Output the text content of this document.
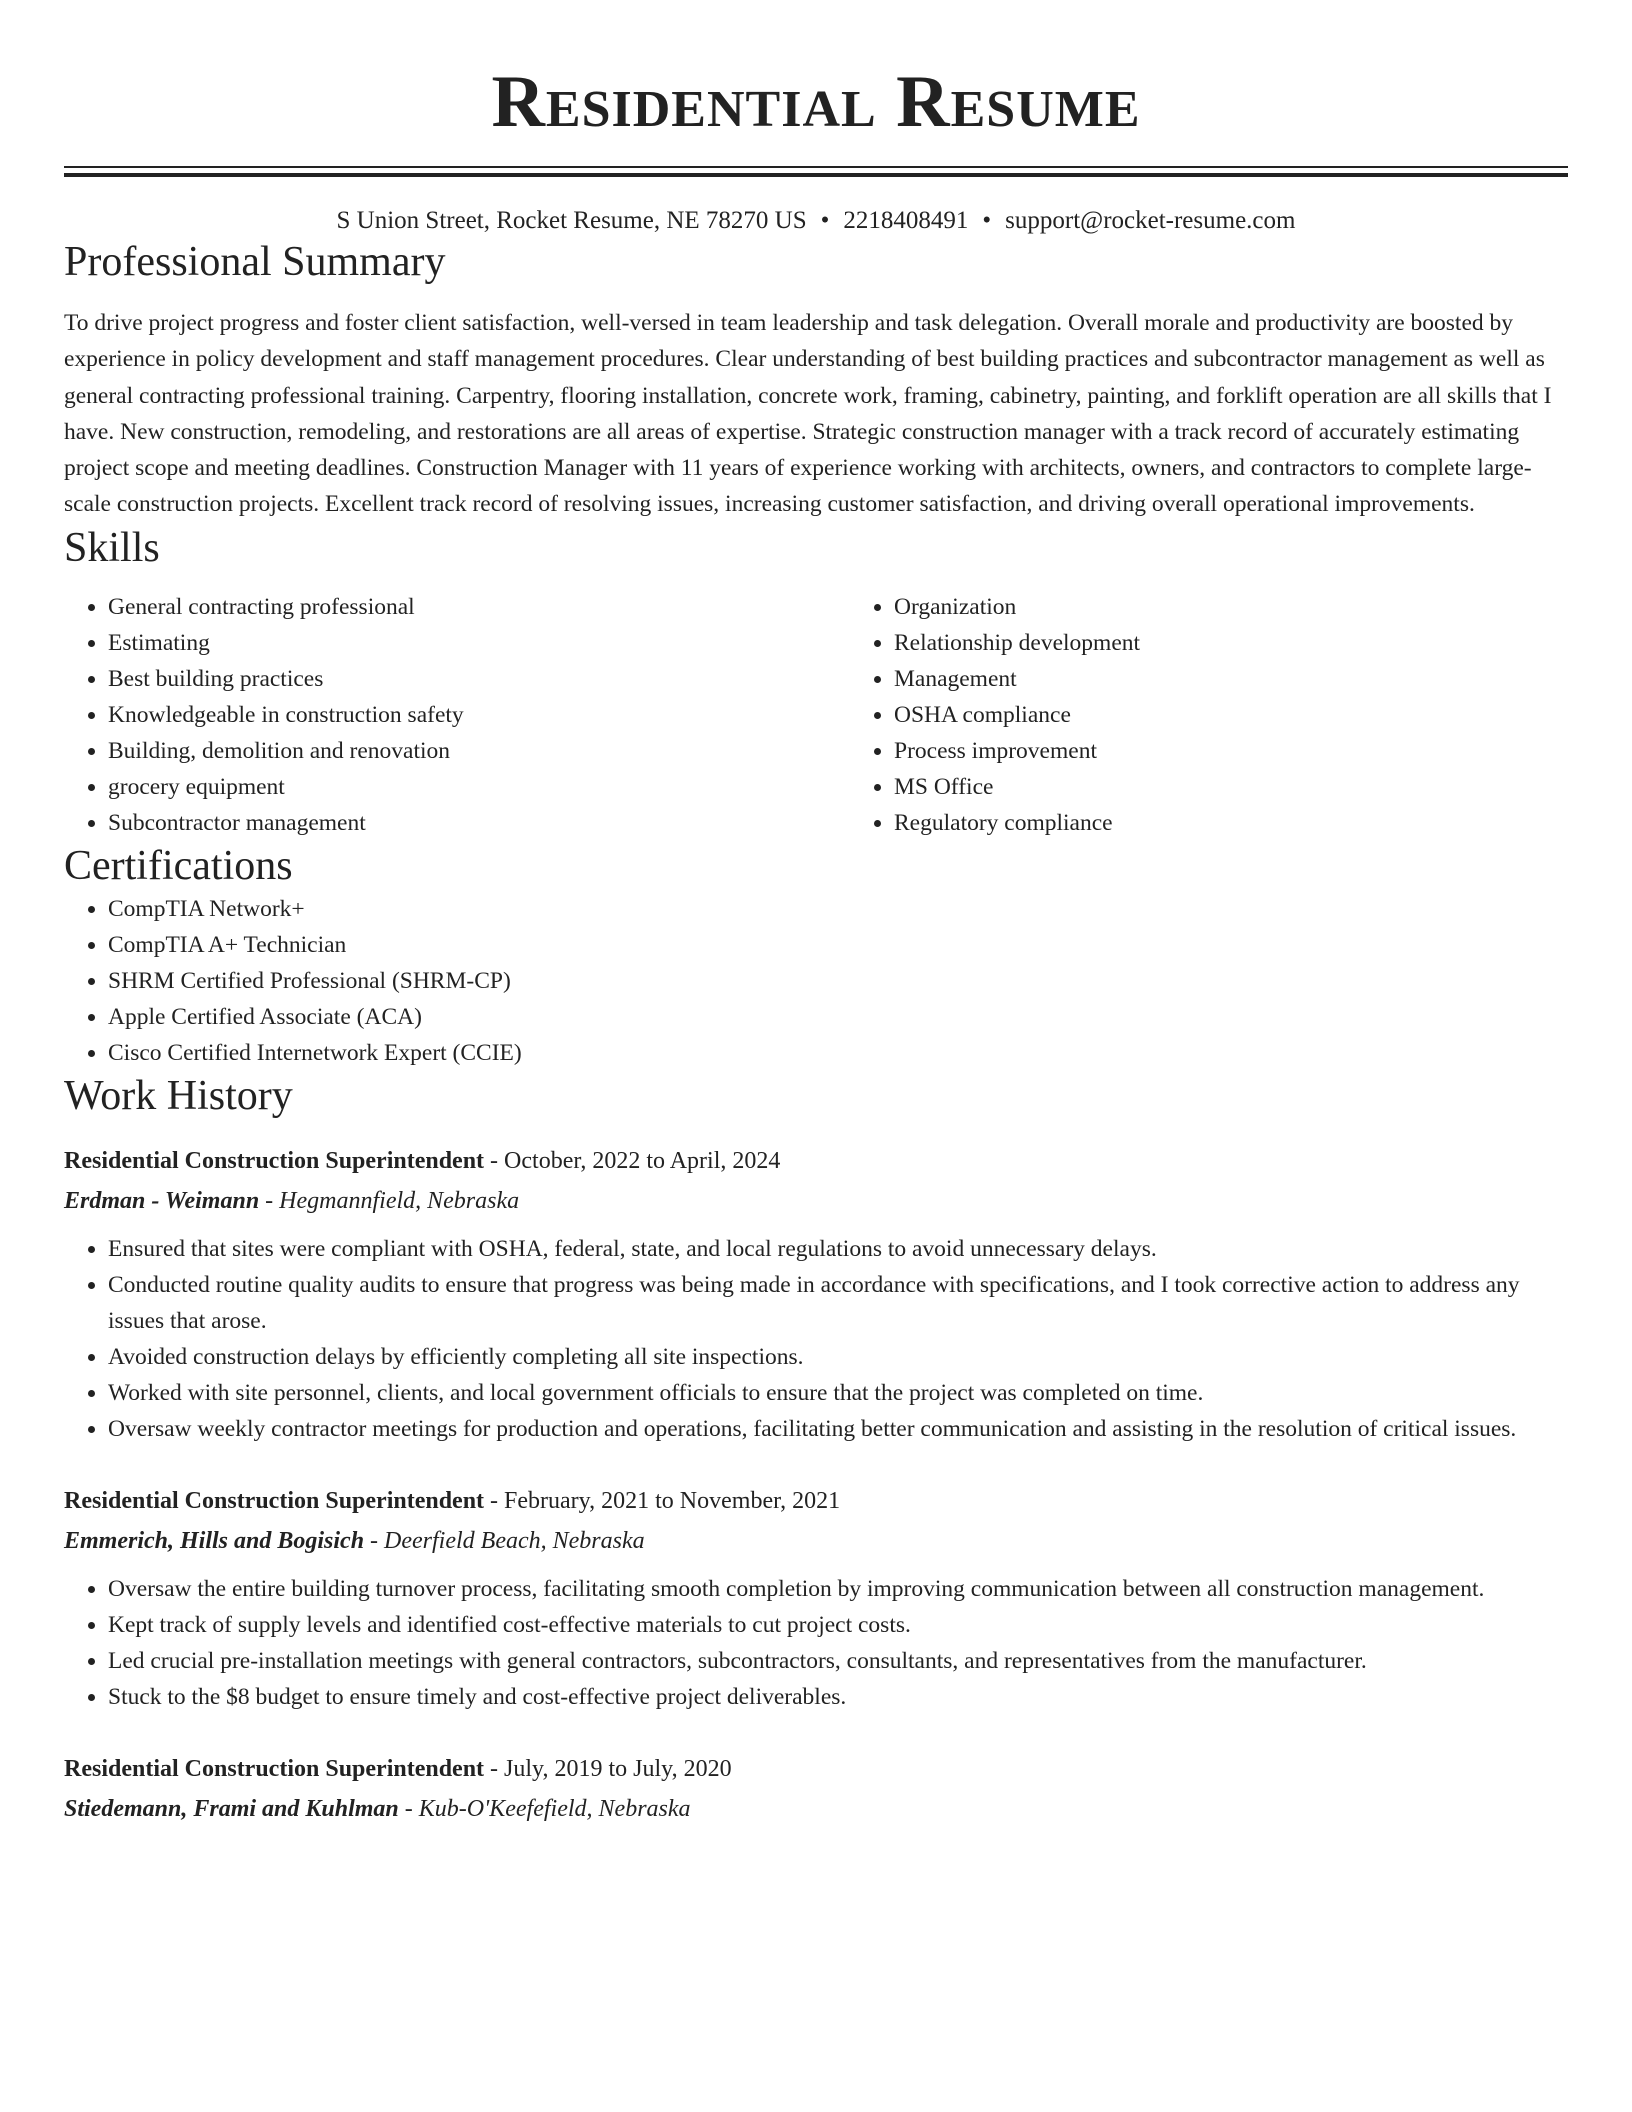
Residential Resume
S Union Street, Rocket Resume, NE 78270 US • 2218408491 • support@rocket-resume.com
Professional Summary

To drive project progress and foster client satisfaction, well-versed in team leadership and task delegation. Overall morale and productivity are boosted by experience in policy development and staff management procedures. Clear understanding of best building practices and subcontractor management as well as general contracting professional training. Carpentry, flooring installation, concrete work, framing, cabinetry, painting, and forklift operation are all skills that I have. New construction, remodeling, and restorations are all areas of expertise. Strategic construction manager with a track record of accurately estimating project scope and meeting deadlines. Construction Manager with 11 years of experience working with architects, owners, and contractors to complete large-scale construction projects. Excellent track record of resolving issues, increasing customer satisfaction, and driving overall operational improvements.

Skills
• General contracting professional
• Estimating
• Best building practices
• Knowledgeable in construction safety
• Building, demolition and renovation
• grocery equipment
• Subcontractor management
• Organization
• Relationship development
• Management
• OSHA compliance
• Process improvement
• MS Office
• Regulatory compliance
Certifications
• CompTIA Network+
• CompTIA A+ Technician
• SHRM Certified Professional (SHRM-CP)
• Apple Certified Associate (ACA)
• Cisco Certified Internetwork Expert (CCIE)
Work History
Residential Construction Superintendent - October, 2022 to April, 2024
Erdman - Weimann - Hegmannfield, Nebraska
• Ensured that sites were compliant with OSHA, federal, state, and local regulations to avoid unnecessary delays.
• Conducted routine quality audits to ensure that progress was being made in accordance with specifications, and I took corrective action to address any issues that arose.
• Avoided construction delays by efficiently completing all site inspections.
• Worked with site personnel, clients, and local government officials to ensure that the project was completed on time.
• Oversaw weekly contractor meetings for production and operations, facilitating better communication and assisting in the resolution of critical issues.
Residential Construction Superintendent - February, 2021 to November, 2021
Emmerich, Hills and Bogisich - Deerfield Beach, Nebraska
• Oversaw the entire building turnover process, facilitating smooth completion by improving communication between all construction management.
• Kept track of supply levels and identified cost-effective materials to cut project costs.
• Led crucial pre-installation meetings with general contractors, subcontractors, consultants, and representatives from the manufacturer.
• Stuck to the $8 budget to ensure timely and cost-effective project deliverables.
Residential Construction Superintendent - July, 2019 to July, 2020
Stiedemann, Frami and Kuhlman - Kub-O'Keefefield, Nebraska
